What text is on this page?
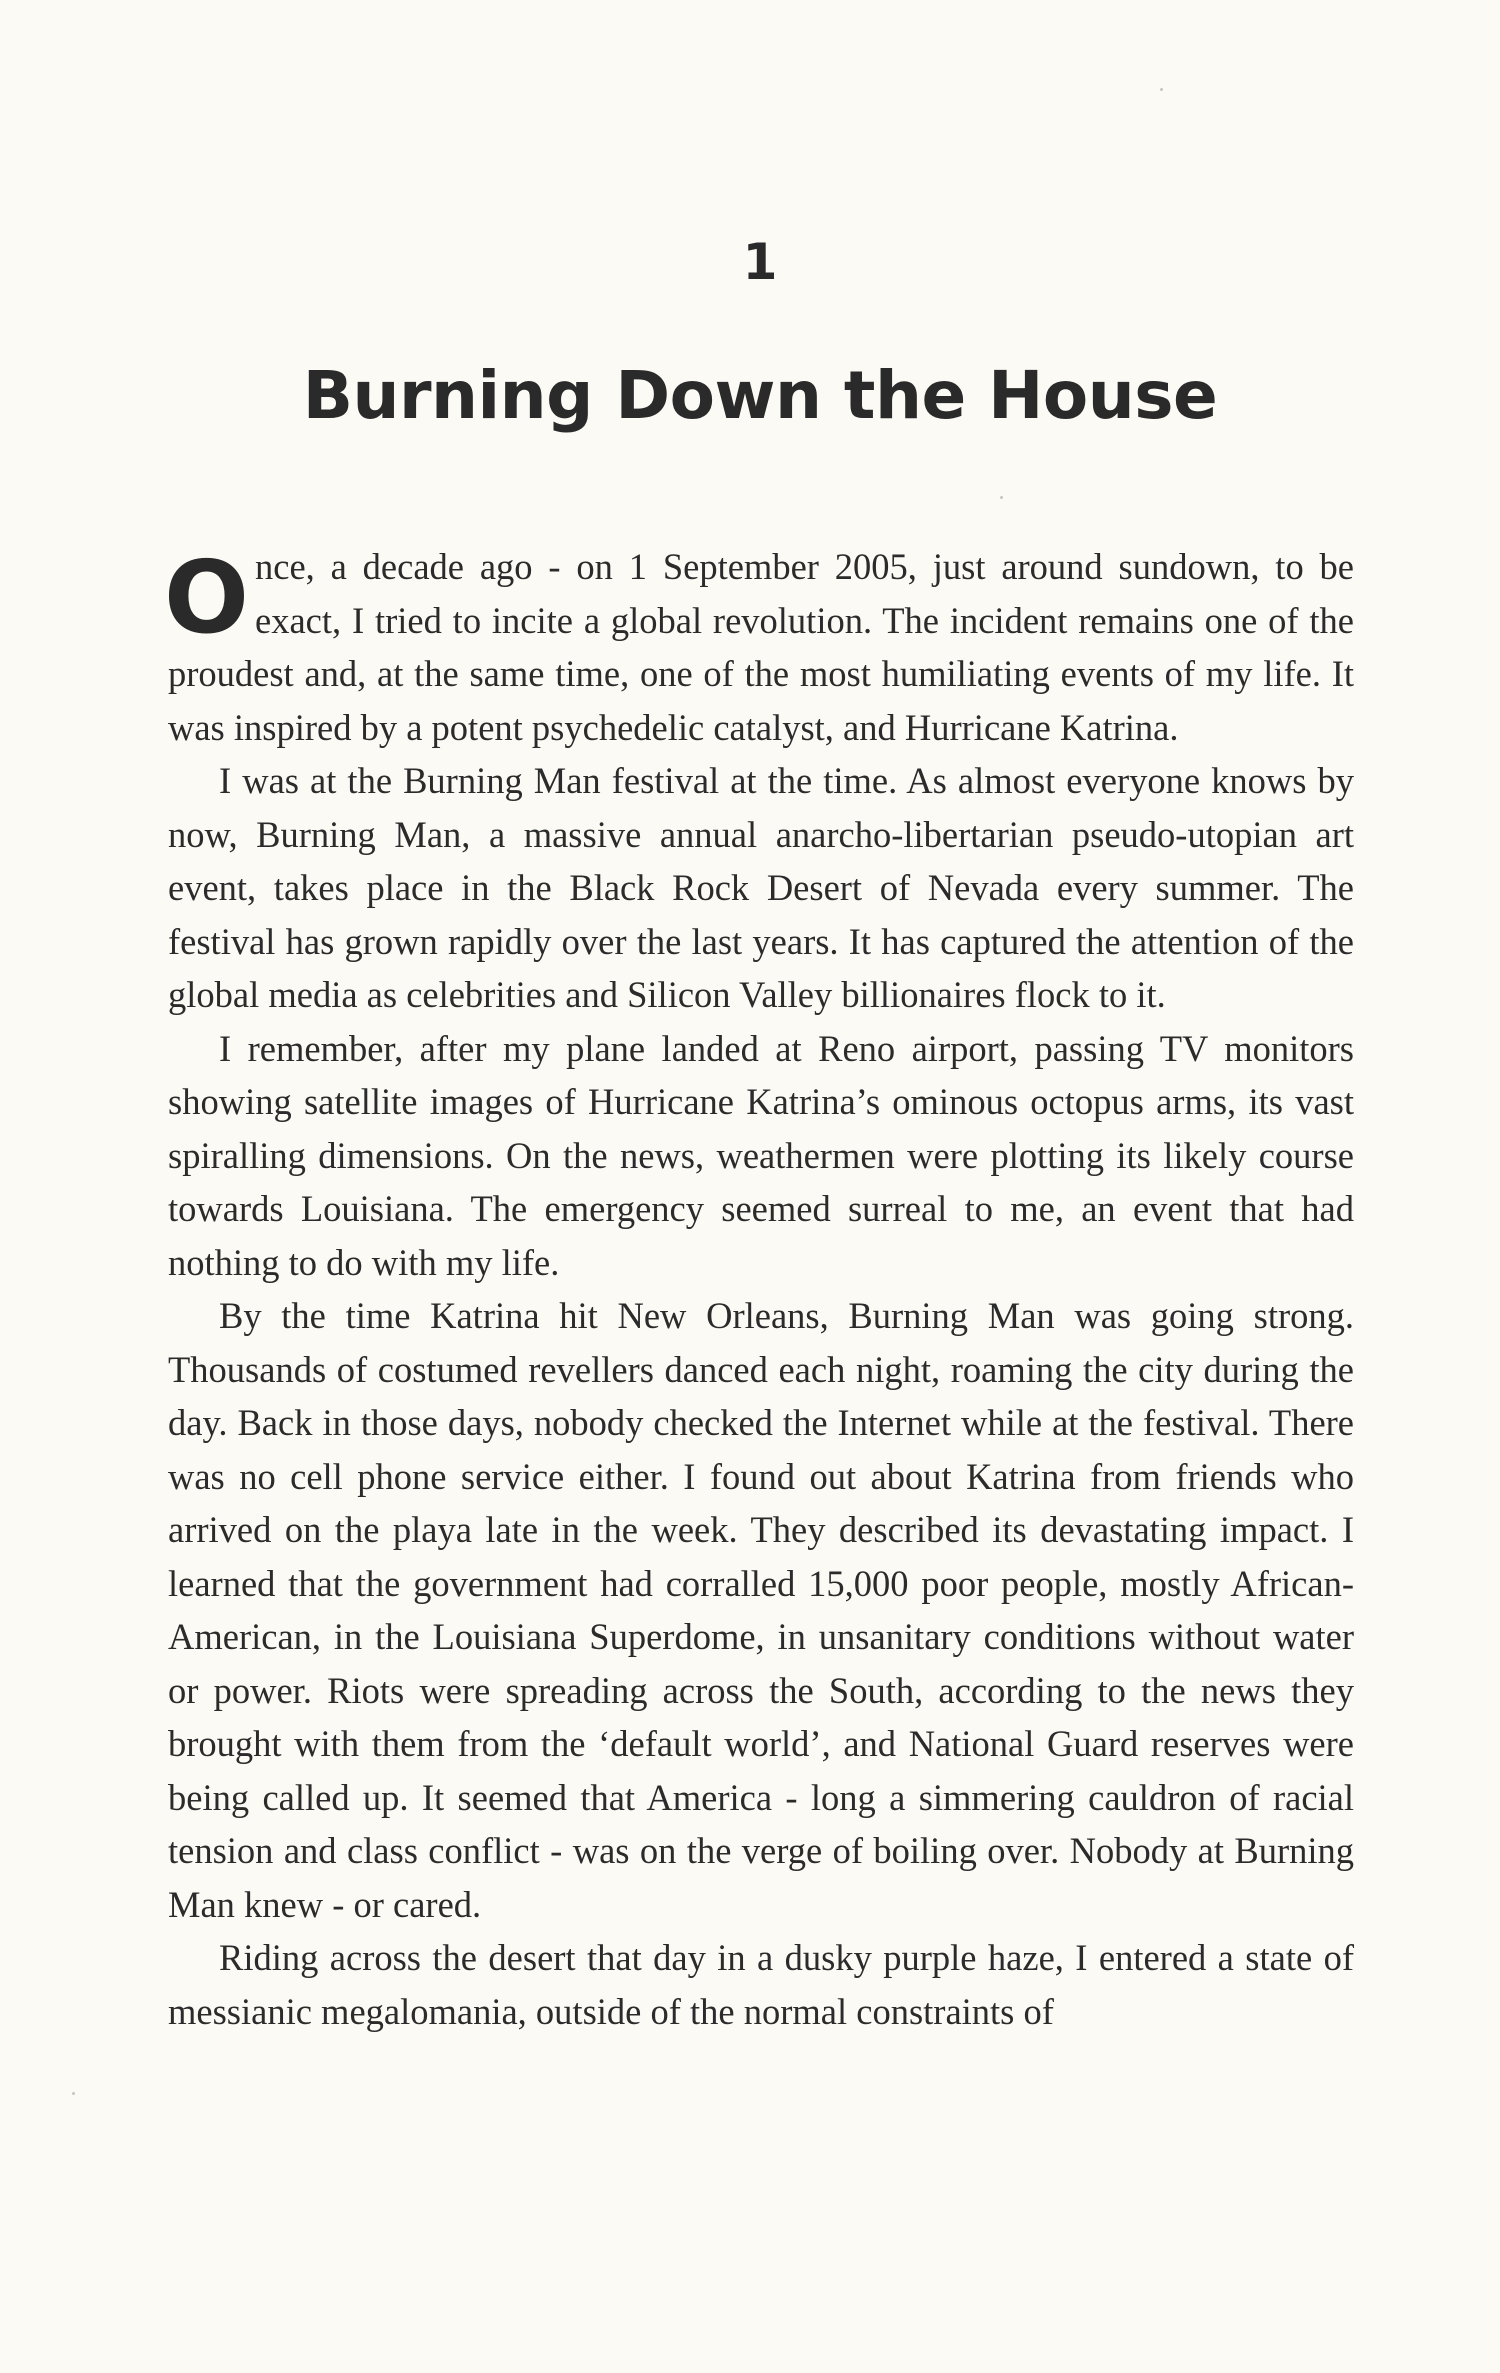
1
Burning Down the House

Once, a decade ago - on 1 September 2005, just around sundown, to be exact, I tried to incite a global revolution. The incident remains one of the proudest and, at the same time, one of the most humiliating events of my life. It was inspired by a potent psychedelic catalyst, and Hurricane Katrina.

I was at the Burning Man festival at the time. As almost everyone knows by now, Burning Man, a massive annual anarcho-libertarian pseudo-utopian art event, takes place in the Black Rock Desert of Nevada every summer. The festival has grown rapidly over the last years. It has captured the attention of the global media as celebrities and Silicon Valley billionaires flock to it.

I remember, after my plane landed at Reno airport, passing TV monitors showing satellite images of Hurricane Katrina’s ominous octopus arms, its vast spiralling dimensions. On the news, weathermen were plotting its likely course towards Louisiana. The emergency seemed surreal to me, an event that had nothing to do with my life.

By the time Katrina hit New Orleans, Burning Man was going strong. Thousands of costumed revellers danced each night, roaming the city during the day. Back in those days, nobody checked the Internet while at the festival. There was no cell phone service either. I found out about Katrina from friends who arrived on the playa late in the week. They described its devastating impact. I learned that the government had corralled 15,000 poor people, mostly African-American, in the Louisiana Superdome, in unsanitary conditions without water or power. Riots were spreading across the South, according to the news they brought with them from the ‘default world’, and National Guard reserves were being called up. It seemed that America - long a simmering cauldron of racial tension and class conflict - was on the verge of boiling over. Nobody at Burning Man knew - or cared.

Riding across the desert that day in a dusky purple haze, I entered a state of messianic megalomania, outside of the normal constraints of
